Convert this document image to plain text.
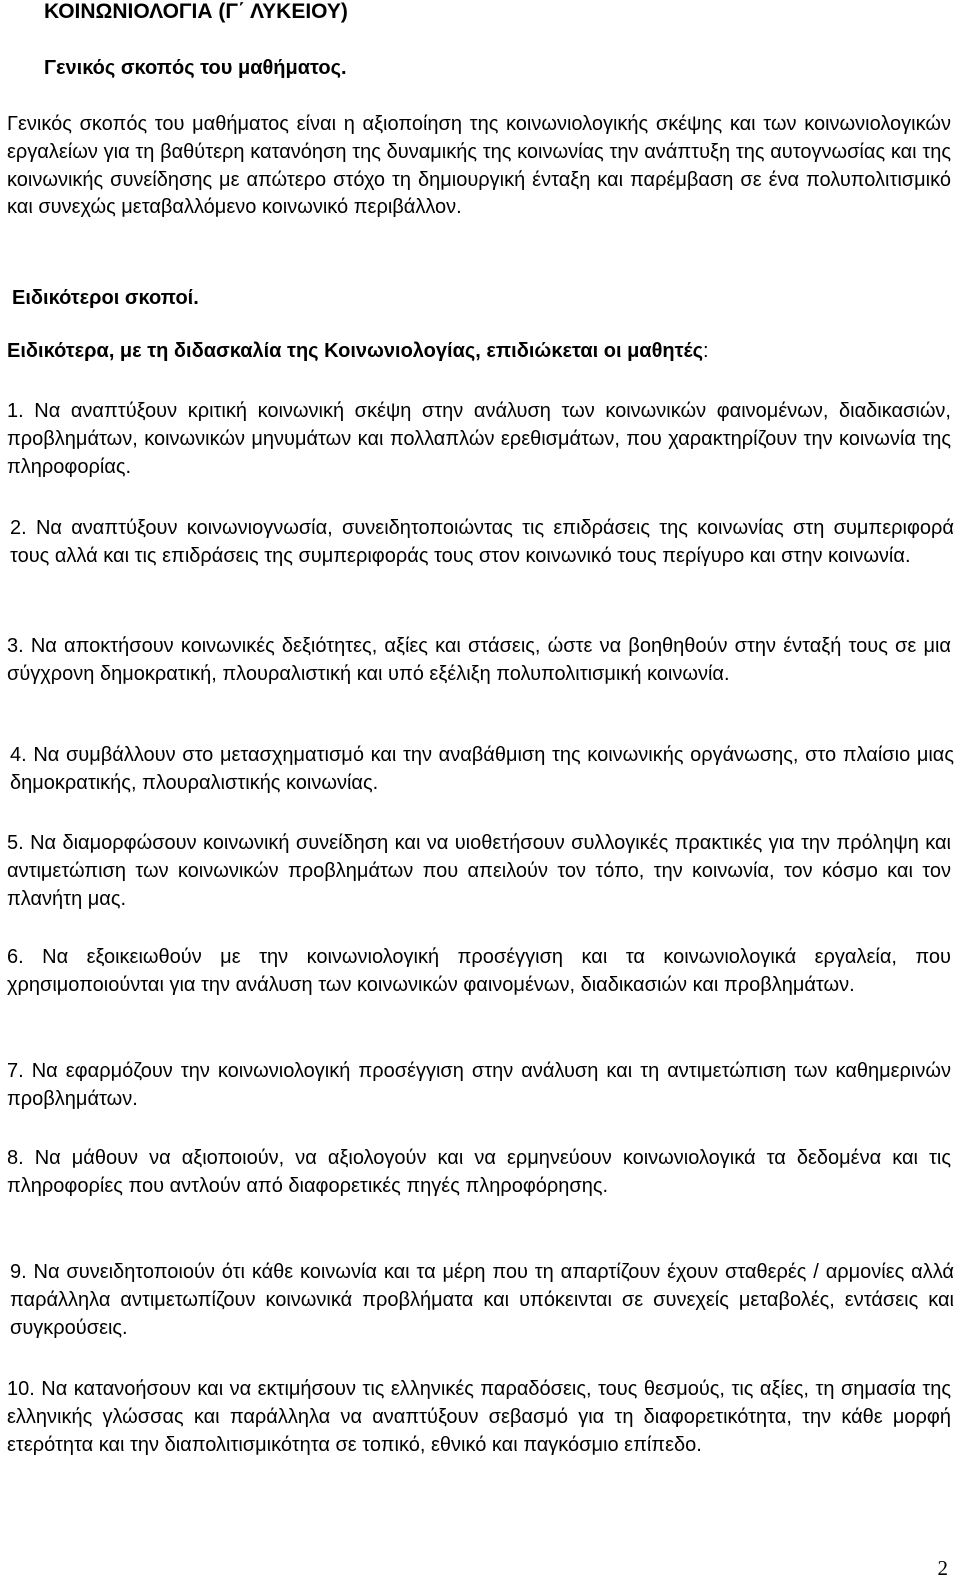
ΚΟΙΝΩΝΙΟΛΟΓΙΑ (Γ΄ ΛΥΚΕΙΟΥ)
Γενικός σκοπός του μαθήματος.
Γενικός σκοπός του μαθήματος είναι η αξιοποίηση της κοινωνιολογικής σκέψης και των κοινωνιολογικών εργαλείων για τη βαθύτερη κατανόηση της δυναμικής της κοινωνίας την ανάπτυξη της αυτογνωσίας και της κοινωνικής συνείδησης με απώτερο στόχο τη δημιουργική ένταξη και παρέμβαση σε ένα πολυπολιτισμικό και συνεχώς μεταβαλλόμενο κοινωνικό περιβάλλον.
Ειδικότεροι σκοποί.
Ειδικότερα, με τη διδασκαλία της Κοινωνιολογίας, επιδιώκεται οι μαθητές:
1. Να αναπτύξουν κριτική κοινωνική σκέψη στην ανάλυση των κοινωνικών φαινομένων, διαδικασιών, προβλημάτων, κοινωνικών μηνυμάτων και πολλαπλών ερεθισμάτων, που χαρακτηρίζουν την κοινωνία της πληροφορίας.
2. Να αναπτύξουν κοινωνιογνωσία, συνειδητοποιώντας τις επιδράσεις της κοινωνίας στη συμπεριφορά τους αλλά και τις επιδράσεις της συμπεριφοράς τους στον κοινωνικό τους περίγυρο και στην κοινωνία.
3. Να αποκτήσουν κοινωνικές δεξιότητες, αξίες και στάσεις, ώστε να βοηθηθούν στην ένταξή τους σε μια σύγχρονη δημοκρατική, πλουραλιστική και υπό εξέλιξη πολυπολιτισμική κοινωνία.
4. Να συμβάλλουν στο μετασχηματισμό και την αναβάθμιση της κοινωνικής οργάνωσης, στο πλαίσιο μιας δημοκρατικής, πλουραλιστικής κοινωνίας.
5. Να διαμορφώσουν κοινωνική συνείδηση και να υιοθετήσουν συλλογικές πρακτικές για την πρόληψη και αντιμετώπιση των κοινωνικών προβλημάτων που απειλούν τον τόπο, την κοινωνία, τον κόσμο και τον πλανήτη μας.
6. Να εξοικειωθούν με την κοινωνιολογική προσέγγιση και τα κοινωνιολογικά εργαλεία, που χρησιμοποιούνται για την ανάλυση των κοινωνικών φαινομένων, διαδικασιών και προβλημάτων.
7. Να εφαρμόζουν την κοινωνιολογική προσέγγιση στην ανάλυση και τη αντιμετώπιση των καθημερινών προβλημάτων.
8. Να μάθουν να αξιοποιούν, να αξιολογούν και να ερμηνεύουν κοινωνιολογικά τα δεδομένα και τις πληροφορίες που αντλούν από διαφορετικές πηγές πληροφόρησης.
9. Να συνειδητοποιούν ότι κάθε κοινωνία και τα μέρη που τη απαρτίζουν έχουν σταθερές / αρμονίες αλλά παράλληλα αντιμετωπίζουν κοινωνικά προβλήματα και υπόκεινται σε συνεχείς μεταβολές, εντάσεις και συγκρούσεις.
10. Να κατανοήσουν και να εκτιμήσουν τις ελληνικές παραδόσεις, τους θεσμούς, τις αξίες, τη σημασία της ελληνικής γλώσσας και παράλληλα να αναπτύξουν σεβασμό για τη διαφορετικότητα, την κάθε μορφή ετερότητα και την διαπολιτισμικότητα σε τοπικό, εθνικό και παγκόσμιο επίπεδο.
2
